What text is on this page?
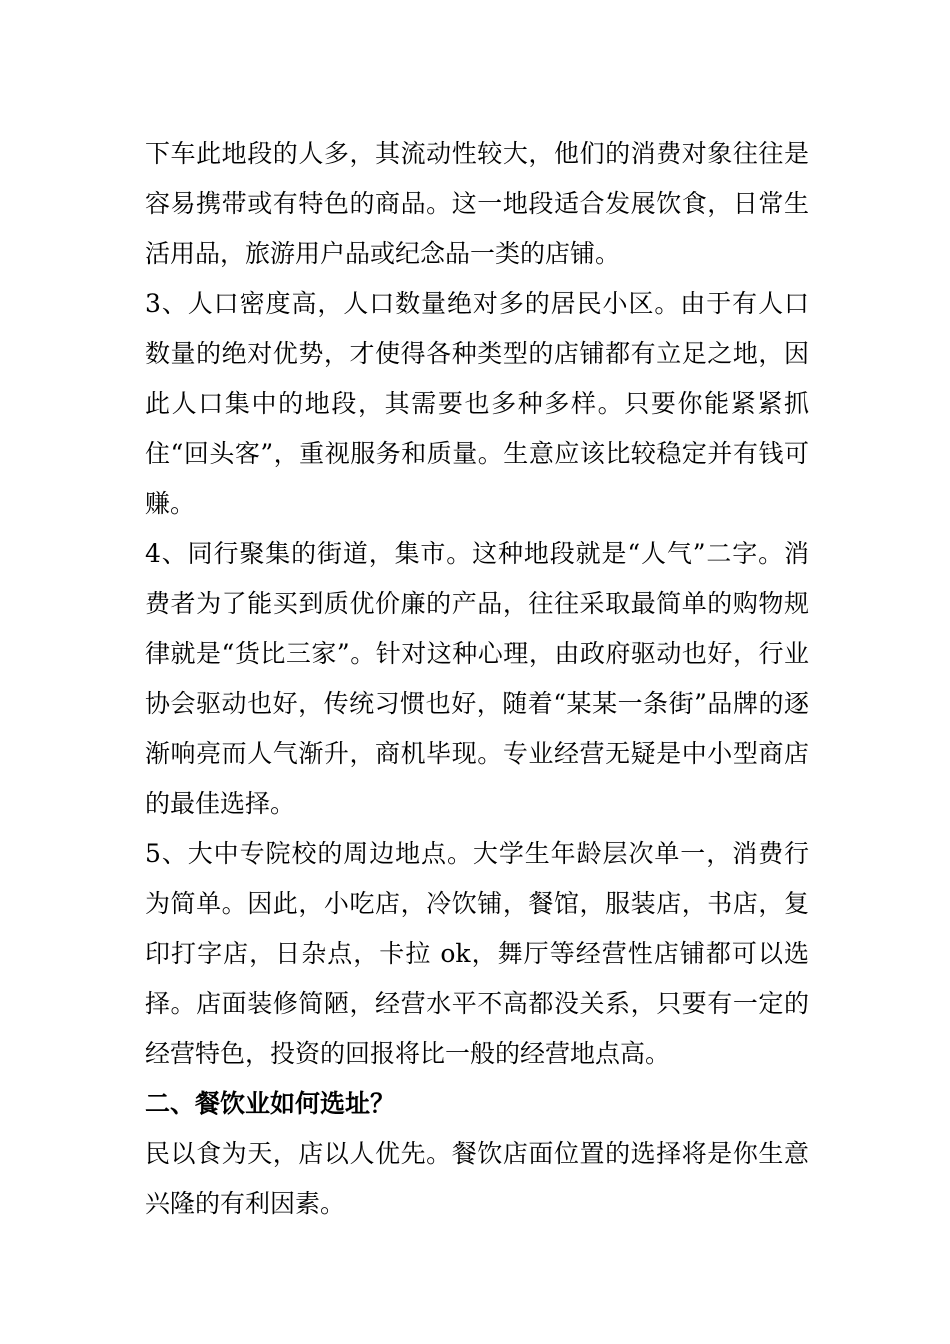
下车此地段的人多，其流动性较大，他们的消费对象往往是容易携带或有特色的商品。这一地段适合发展饮食，日常生活用品，旅游用户品或纪念品一类的店铺。

3、人口密度高，人口数量绝对多的居民小区。由于有人口数量的绝对优势，才使得各种类型的店铺都有立足之地，因此人口集中的地段，其需要也多种多样。只要你能紧紧抓住“回头客”，重视服务和质量。生意应该比较稳定并有钱可赚。

4、同行聚集的街道，集市。这种地段就是“人气”二字。消费者为了能买到质优价廉的产品，往往采取最简单的购物规律就是“货比三家”。针对这种心理，由政府驱动也好，行业协会驱动也好，传统习惯也好，随着“某某一条街”品牌的逐渐响亮而人气渐升，商机毕现。专业经营无疑是中小型商店的最佳选择。

5、大中专院校的周边地点。大学生年龄层次单一，消费行为简单。因此，小吃店，冷饮铺，餐馆，服装店，书店，复印打字店，日杂点，卡拉 ok，舞厅等经营性店铺都可以选择。店面装修简陋，经营水平不高都没关系，只要有一定的经营特色，投资的回报将比一般的经营地点高。

二、餐饮业如何选址？

民以食为天，店以人优先。餐饮店面位置的选择将是你生意兴隆的有利因素。
